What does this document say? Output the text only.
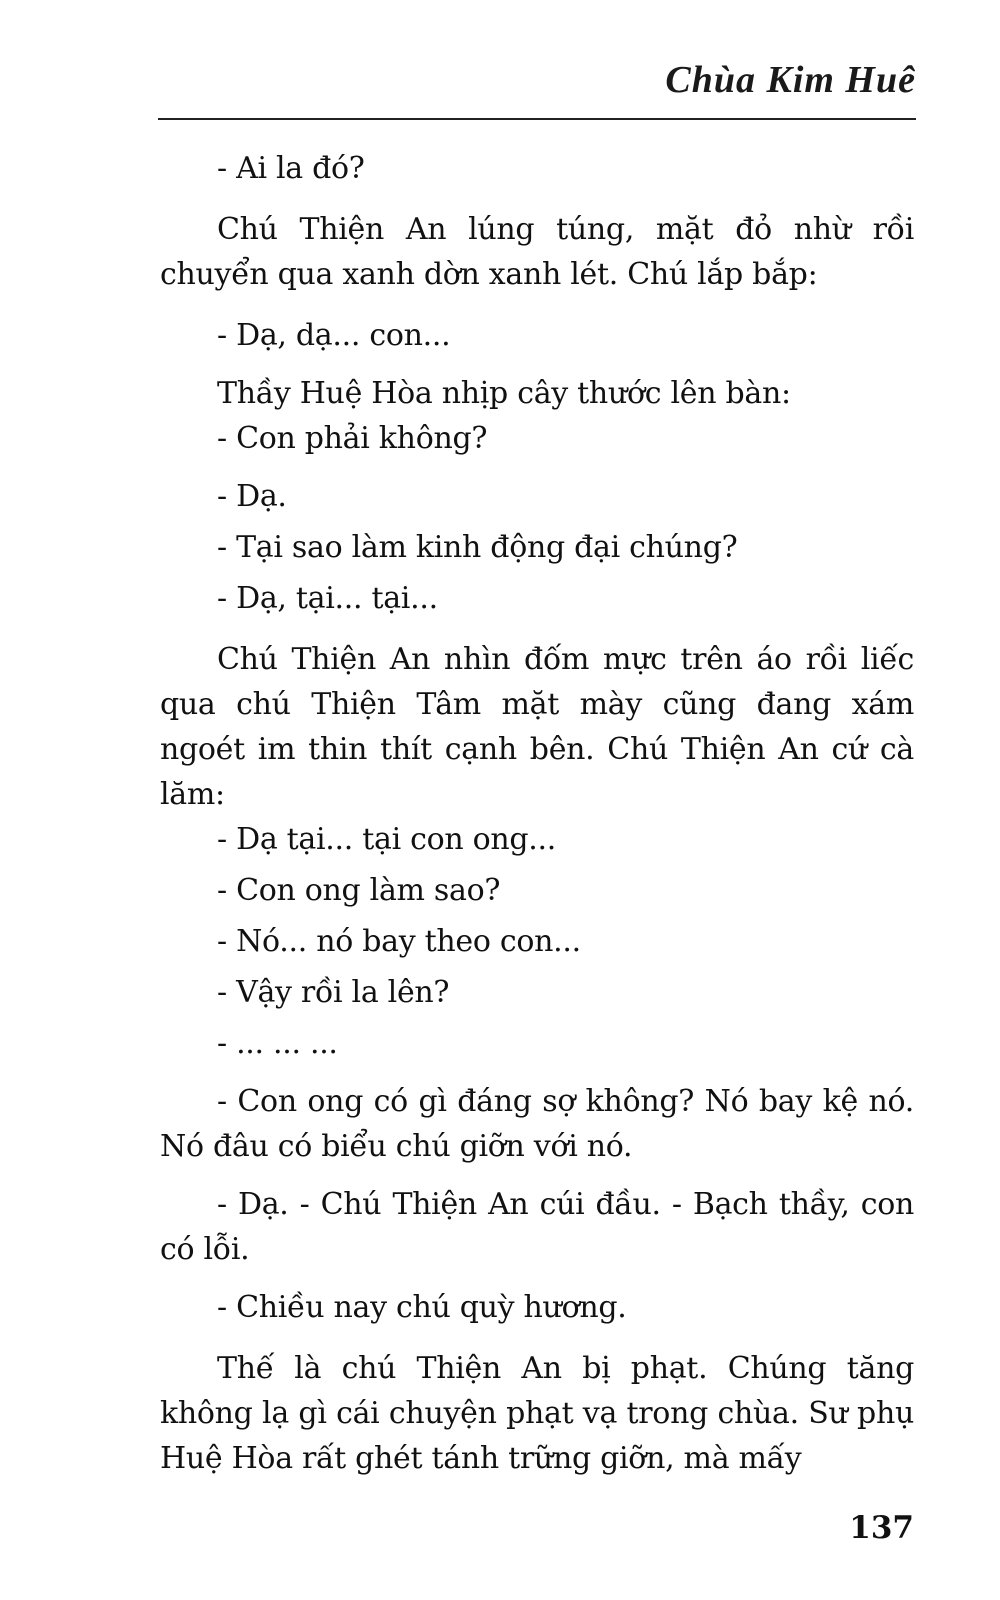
Chùa Kim Huê

- Ai la đó?

Chú Thiện An lúng túng, mặt đỏ nhừ rồi chuyển qua xanh dờn xanh lét. Chú lắp bắp:

- Dạ, dạ... con...

Thầy Huệ Hòa nhịp cây thước lên bàn:

- Con phải không?

- Dạ.

- Tại sao làm kinh động đại chúng?

- Dạ, tại... tại...

Chú Thiện An nhìn đốm mực trên áo rồi liếc qua chú Thiện Tâm mặt mày cũng đang xám ngoét im thin thít cạnh bên. Chú Thiện An cứ cà lăm:

- Dạ tại... tại con ong...

- Con ong làm sao?

- Nó... nó bay theo con...

- Vậy rồi la lên?

- ... ... ...

- Con ong có gì đáng sợ không? Nó bay kệ nó. Nó đâu có biểu chú giỡn với nó.

- Dạ. - Chú Thiện An cúi đầu. - Bạch thầy, con có lỗi.

- Chiều nay chú quỳ hương.

Thế là chú Thiện An bị phạt. Chúng tăng không lạ gì cái chuyện phạt vạ trong chùa. Sư phụ Huệ Hòa rất ghét tánh trững giỡn, mà mấy

137
